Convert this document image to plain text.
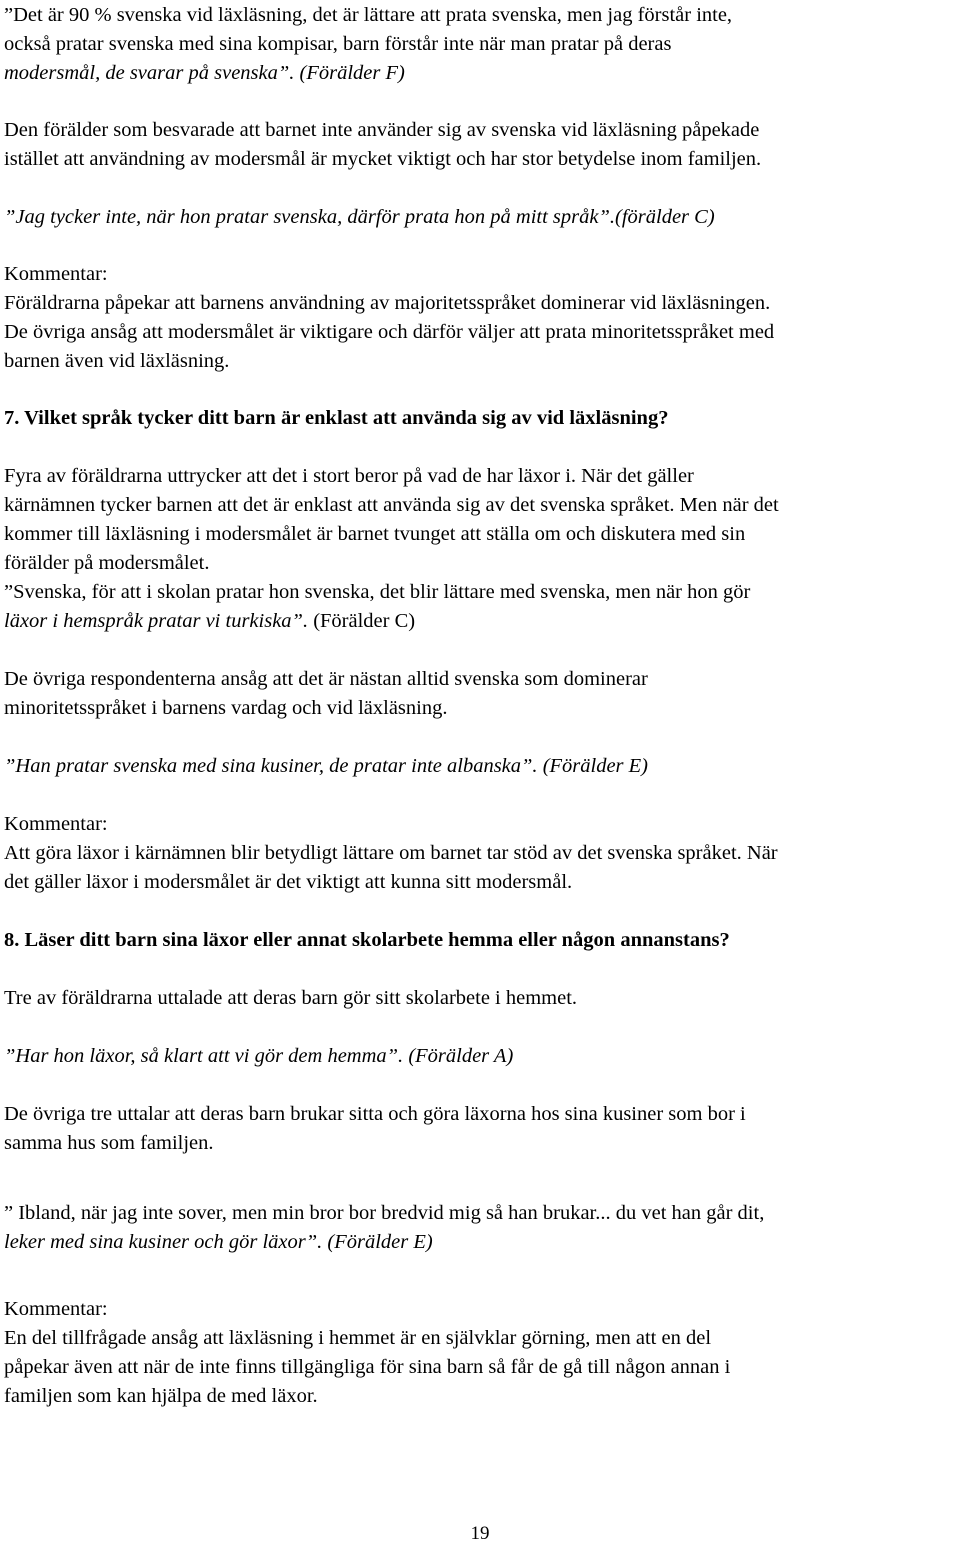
”Det är 90 % svenska vid läxläsning, det är lättare att prata svenska, men jag förstår inte,

också pratar svenska med sina kompisar, barn förstår inte när man pratar på deras

modersmål, de svarar på svenska”. (Förälder F)

Den förälder som besvarade att barnet inte använder sig av svenska vid läxläsning påpekade

istället att användning av modersmål är mycket viktigt och har stor betydelse inom familjen.

”Jag tycker inte, när hon pratar svenska, därför prata hon på mitt språk”.(förälder C)

Kommentar:

Föräldrarna påpekar att barnens användning av majoritetsspråket dominerar vid läxläsningen.

De övriga ansåg att modersmålet är viktigare och därför väljer att prata minoritetsspråket med

barnen även vid läxläsning.

7. Vilket språk tycker ditt barn är enklast att använda sig av vid läxläsning?

Fyra av föräldrarna uttrycker att det i stort beror på vad de har läxor i. När det gäller

kärnämnen tycker barnen att det är enklast att använda sig av det svenska språket. Men när det

kommer till läxläsning i modersmålet är barnet tvunget att ställa om och diskutera med sin

förälder på modersmålet.

”Svenska, för att i skolan pratar hon svenska, det blir lättare med svenska, men när hon gör

läxor i hemspråk pratar vi turkiska”. (Förälder C)

De övriga respondenterna ansåg att det är nästan alltid svenska som dominerar

minoritetsspråket i barnens vardag och vid läxläsning.

”Han pratar svenska med sina kusiner, de pratar inte albanska”. (Förälder E)

Kommentar:

Att göra läxor i kärnämnen blir betydligt lättare om barnet tar stöd av det svenska språket. När

det gäller läxor i modersmålet är det viktigt att kunna sitt modersmål.

8. Läser ditt barn sina läxor eller annat skolarbete hemma eller någon annanstans?

Tre av föräldrarna uttalade att deras barn gör sitt skolarbete i hemmet.

”Har hon läxor, så klart att vi gör dem hemma”. (Förälder A)

De övriga tre uttalar att deras barn brukar sitta och göra läxorna hos sina kusiner som bor i

samma hus som familjen.

” Ibland, när jag inte sover, men min bror bor bredvid mig så han brukar... du vet han går dit,

leker med sina kusiner och gör läxor”. (Förälder E)

Kommentar:

En del tillfrågade ansåg att läxläsning i hemmet är en självklar görning, men att en del

påpekar även att när de inte finns tillgängliga för sina barn så får de gå till någon annan i

familjen som kan hjälpa de med läxor.

19
